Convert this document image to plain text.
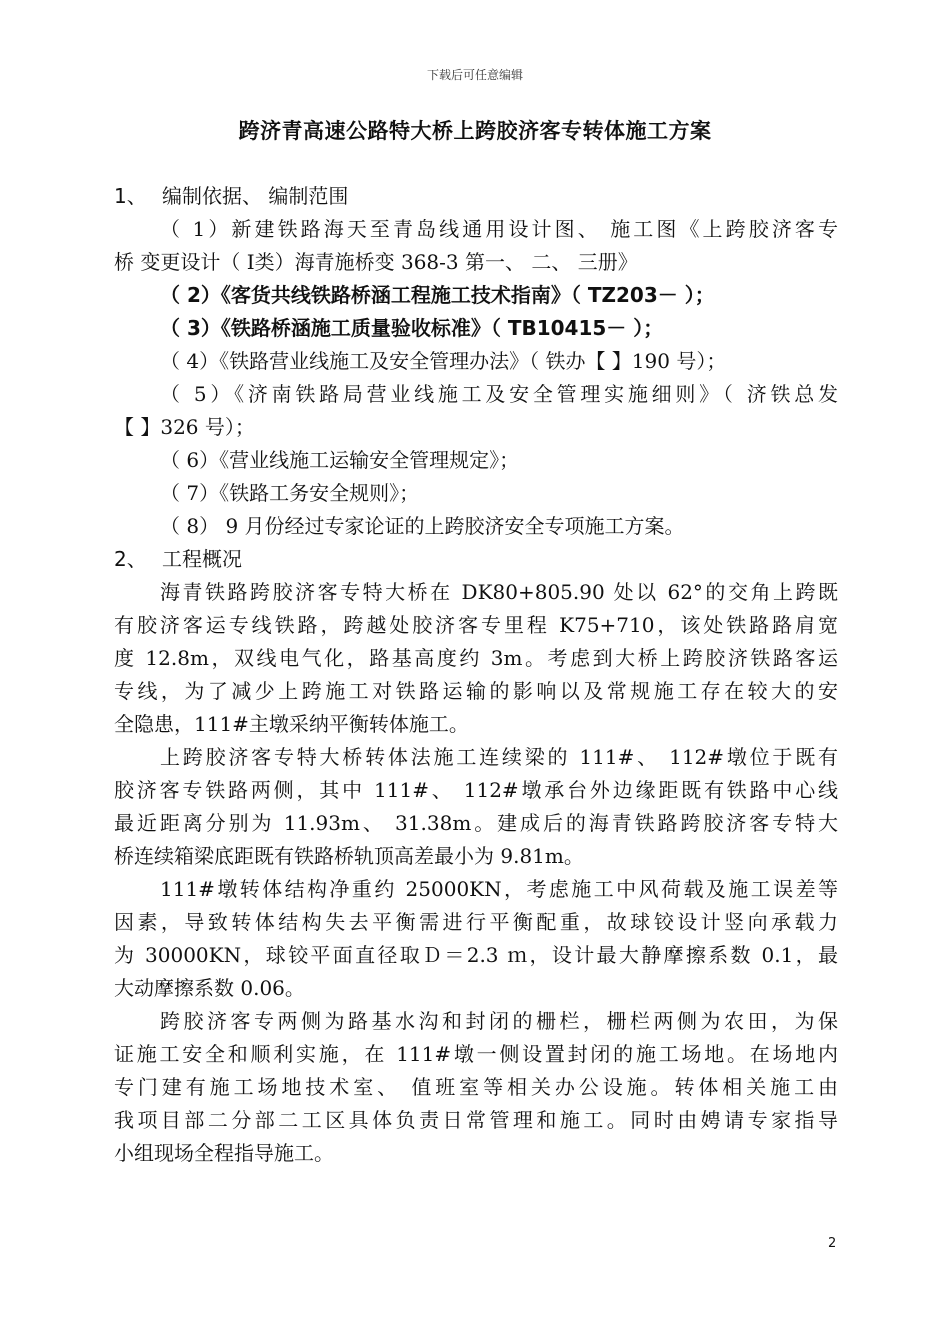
下载后可任意编辑
跨济青高速公路特大桥上跨胶济客专转体施工方案
1、 编制依据、 编制范围
（ 1）新建铁路海天至青岛线通用设计图、 施工图《上跨胶济客专
桥 变更设计（ Ⅰ类）海青施桥变 368-3 第一、 二、 三册》
（ 2）《客货共线铁路桥涵工程施工技术指南》（ TZ203－ ）；
（ 3）《铁路桥涵施工质量验收标准》（ TB10415－ ）；
（ 4）《铁路营业线施工及安全管理办法》（ 铁办【 】190 号）；
（ 5）《济南铁路局营业线施工及安全管理实施细则》（ 济铁总发
【 】326 号）；
（ 6）《营业线施工运输安全管理规定》；
（ 7）《铁路工务安全规则》；
（ 8） 9 月份经过专家论证的上跨胶济安全专项施工方案。
2、 工程概况
海青铁路跨胶济客专特大桥在 DK80+805.90 处以 62°的交角上跨既
有胶济客运专线铁路，跨越处胶济客专里程 K75+710，该处铁路路肩宽
度 12.8m，双线电气化，路基高度约 3m。考虑到大桥上跨胶济铁路客运
专线，为了减少上跨施工对铁路运输的影响以及常规施工存在较大的安
全隐患，111#主墩采纳平衡转体施工。
上跨胶济客专特大桥转体法施工连续梁的 111#、 112#墩位于既有
胶济客专铁路两侧，其中 111#、 112#墩承台外边缘距既有铁路中心线
最近距离分别为 11.93m、 31.38m。建成后的海青铁路跨胶济客专特大
桥连续箱梁底距既有铁路桥轨顶高差最小为 9.81m。
111#墩转体结构净重约 25000KN，考虑施工中风荷载及施工误差等
因素，导致转体结构失去平衡需进行平衡配重，故球铰设计竖向承载力
为 30000KN，球铰平面直径取Ｄ＝2.3 ｍ，设计最大静摩擦系数 0.1，最
大动摩擦系数 0.06。
跨胶济客专两侧为路基水沟和封闭的栅栏，栅栏两侧为农田，为保
证施工安全和顺利实施，在 111#墩一侧设置封闭的施工场地。在场地内
专门建有施工场地技术室、 值班室等相关办公设施。转体相关施工由
我项目部二分部二工区具体负责日常管理和施工。同时由娉请专家指导
小组现场全程指导施工。
2
